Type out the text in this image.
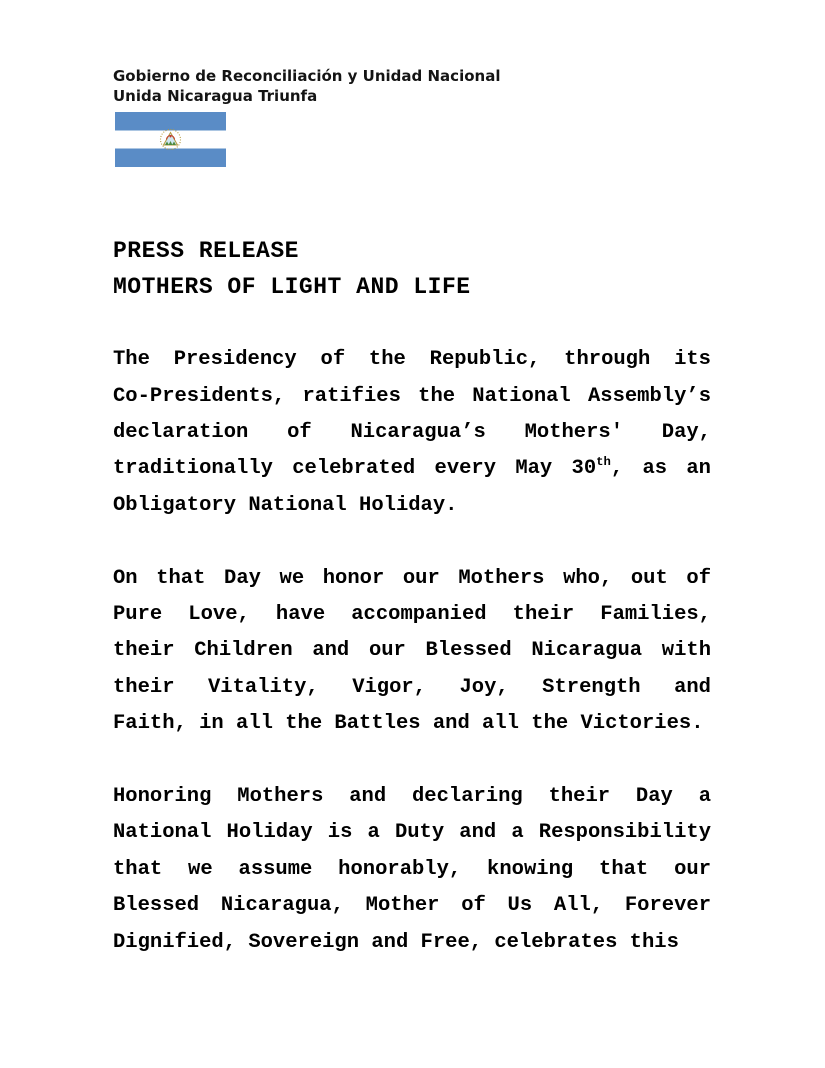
Gobierno de Reconciliación y Unidad Nacional
Unida Nicaragua Triunfa
PRESS RELEASE
MOTHERS OF LIGHT AND LIFE
The Presidency of the Republic, through its
Co-Presidents, ratifies the National Assembly’s
declaration of Nicaragua’s Mothers' Day,
traditionally celebrated every May 30th, as an
Obligatory National Holiday.
On that Day we honor our Mothers who, out of
Pure Love, have accompanied their Families,
their Children and our Blessed Nicaragua with
their Vitality, Vigor, Joy, Strength and
Faith, in all the Battles and all the Victories.
Honoring Mothers and declaring their Day a
National Holiday is a Duty and a Responsibility
that we assume honorably, knowing that our
Blessed Nicaragua, Mother of Us All, Forever
Dignified, Sovereign and Free, celebrates this
